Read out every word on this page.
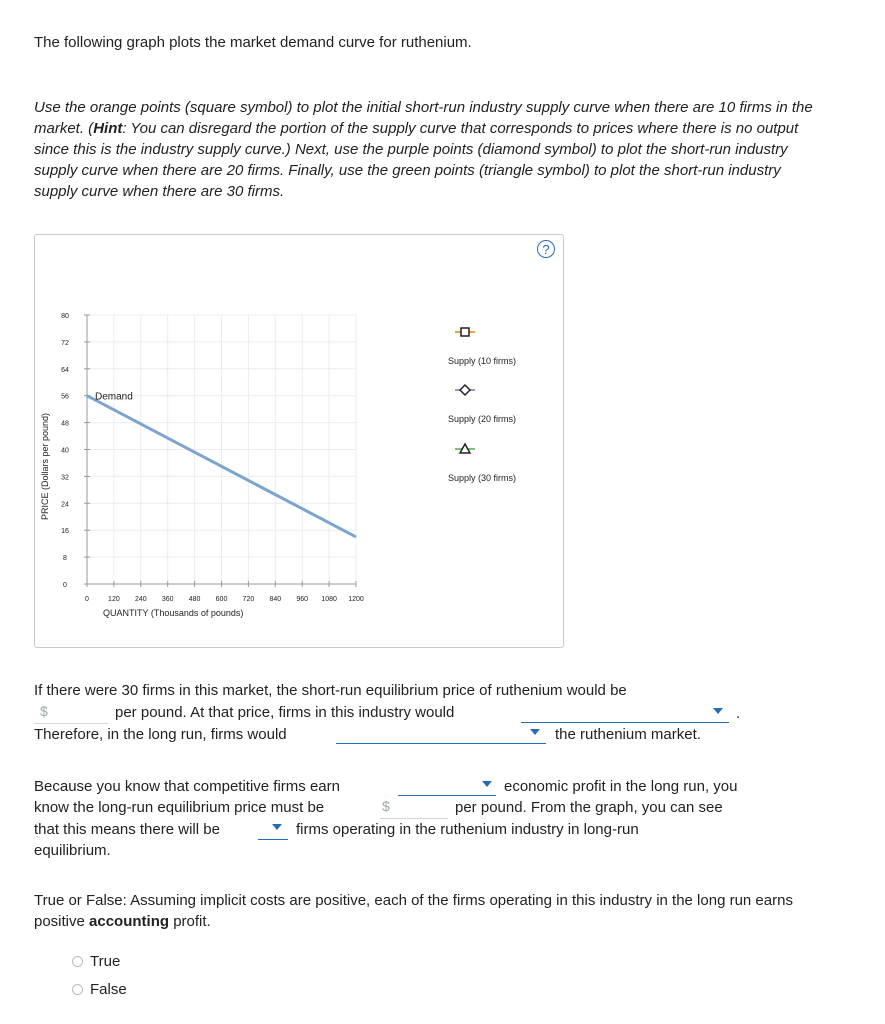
The following graph plots the market demand curve for ruthenium.
Use the orange points (square symbol) to plot the initial short-run industry supply curve when there are 10 firms in the market. (Hint: You can disregard the portion of the supply curve that corresponds to prices where there is no output since this is the industry supply curve.) Next, use the purple points (diamond symbol) to plot the short-run industry supply curve when there are 20 firms. Finally, use the green points (triangle symbol) to plot the short-run industry supply curve when there are 30 firms.
0
8
16
24
32
40
48
56
64
72
80
0	120 240 360 480 600 720 840 960 1080 1200
PRICE (Dollars per pound)
QUANTITY (Thousands of pounds)
Demand
Supply (10 firms)
Supply (20 firms)
Supply (30 firms)
?
If there were 30 firms in this market, the short-run equilibrium price of ruthenium would be
$	per pound. At that price, firms in this industry would	.
Therefore, in the long run, firms would	the ruthenium market.
Because you know that competitive firms earn	economic profit in the long run, you
know the long-run equilibrium price must be	$	per pound. From the graph, you can see
that this means there will be	firms operating in the ruthenium industry in long-run
equilibrium.
True or False: Assuming implicit costs are positive, each of the firms operating in this industry in the long run earns positive accounting profit.
True
False
